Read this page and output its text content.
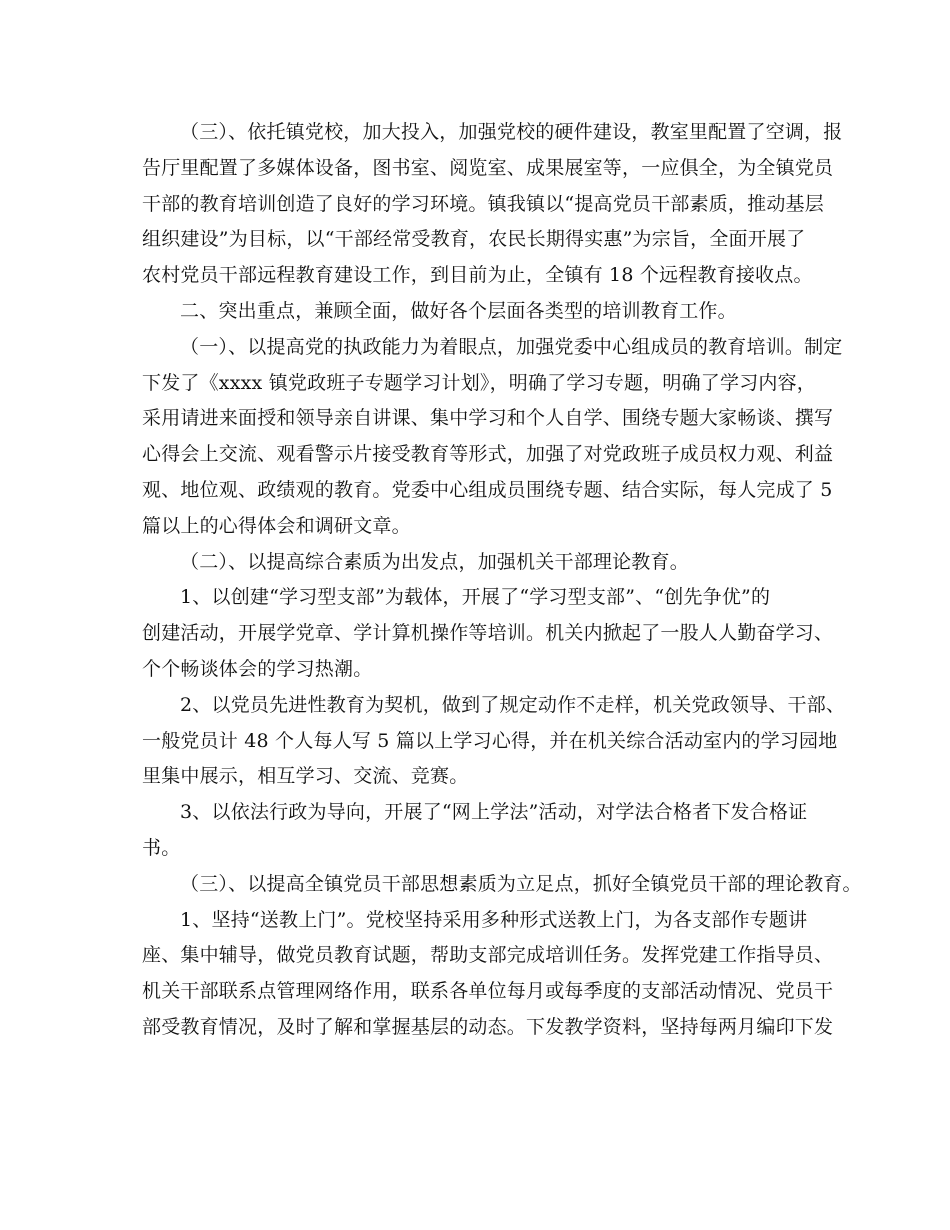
（三）、依托镇党校，加大投入，加强党校的硬件建设，教室里配置了空调，报
告厅里配置了多媒体设备，图书室、阅览室、成果展室等，一应俱全，为全镇党员
干部的教育培训创造了良好的学习环境。镇我镇以“提高党员干部素质，推动基层
组织建设”为目标，以“干部经常受教育，农民长期得实惠”为宗旨，全面开展了
农村党员干部远程教育建设工作，到目前为止，全镇有 18 个远程教育接收点。
二、突出重点，兼顾全面，做好各个层面各类型的培训教育工作。
（一）、以提高党的执政能力为着眼点，加强党委中心组成员的教育培训。制定
下发了《xxxx 镇党政班子专题学习计划》，明确了学习专题，明确了学习内容，
采用请进来面授和领导亲自讲课、集中学习和个人自学、围绕专题大家畅谈、撰写
心得会上交流、观看警示片接受教育等形式，加强了对党政班子成员权力观、利益
观、地位观、政绩观的教育。党委中心组成员围绕专题、结合实际，每人完成了 5
篇以上的心得体会和调研文章。
（二）、以提高综合素质为出发点，加强机关干部理论教育。
1、以创建“学习型支部”为载体，开展了“学习型支部”、“创先争优”的
创建活动，开展学党章、学计算机操作等培训。机关内掀起了一股人人勤奋学习、
个个畅谈体会的学习热潮。
2、以党员先进性教育为契机，做到了规定动作不走样，机关党政领导、干部、
一般党员计 48 个人每人写 5 篇以上学习心得，并在机关综合活动室内的学习园地
里集中展示，相互学习、交流、竞赛。
3、以依法行政为导向，开展了“网上学法”活动，对学法合格者下发合格证
书。
（三）、以提高全镇党员干部思想素质为立足点，抓好全镇党员干部的理论教育。
1、坚持“送教上门”。党校坚持采用多种形式送教上门，为各支部作专题讲
座、集中辅导，做党员教育试题，帮助支部完成培训任务。发挥党建工作指导员、
机关干部联系点管理网络作用，联系各单位每月或每季度的支部活动情况、党员干
部受教育情况，及时了解和掌握基层的动态。下发教学资料，坚持每两月编印下发
